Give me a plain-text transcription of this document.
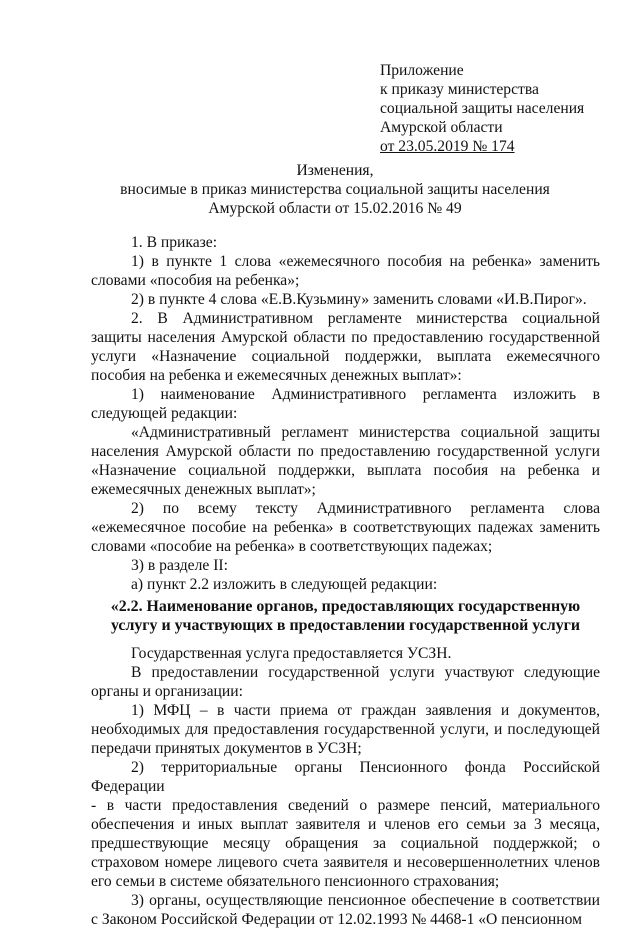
Приложение
к приказу министерства
социальной защиты населения
Амурской области
от 23.05.2019 № 174
Изменения,
вносимые в приказ министерства социальной защиты населения
Амурской области от 15.02.2016 № 49

1. В приказе:

1) в пункте 1 слова «ежемесячного пособия на ребенка» заменить словами «пособия на ребенка»;

2) в пункте 4 слова «Е.В.Кузьмину» заменить словами «И.В.Пирог».

2. В Административном регламенте министерства социальной защиты населения Амурской области по предоставлению государственной услуги «Назначение социальной поддержки, выплата ежемесячного пособия на ребенка и ежемесячных денежных выплат»:

1) наименование Административного регламента изложить в следующей редакции:

«Административный регламент министерства социальной защиты населения Амурской области по предоставлению государственной услуги «Назначение социальной поддержки, выплата пособия на ребенка и ежемесячных денежных выплат»;

2) по всему тексту Административного регламента слова «ежемесячное пособие на ребенка» в соответствующих падежах заменить словами «пособие на ребенка» в соответствующих падежах;

3) в разделе II:

а) пункт 2.2 изложить в следующей редакции:

«2.2. Наименование органов, предоставляющих государственную
услугу и участвующих в предоставлении государственной услуги

Государственная услуга предоставляется УСЗН.

В предоставлении государственной услуги участвуют следующие органы и организации:

1) МФЦ – в части приема от граждан заявления и документов, необходимых для предоставления государственной услуги, и последующей передачи принятых документов в УСЗН;

2) территориальные органы Пенсионного фонда Российской Федерации

- в части предоставления сведений о размере пенсий, материального обеспечения и иных выплат заявителя и членов его семьи за 3 месяца, предшествующие месяцу обращения за социальной поддержкой; о страховом номере лицевого счета заявителя и несовершеннолетних членов его семьи в системе обязательного пенсионного страхования;

3) органы, осуществляющие пенсионное обеспечение в соответствии с Законом Российской Федерации от 12.02.1993 № 4468-1 «О пенсионном
